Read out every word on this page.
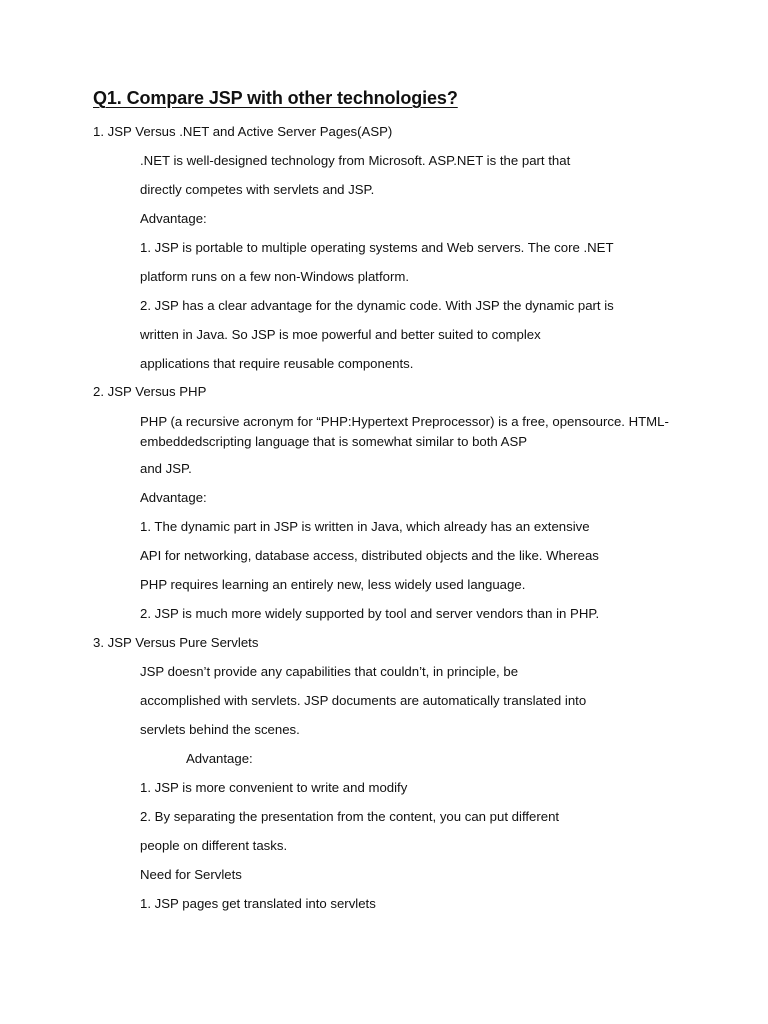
Q1. Compare JSP with other technologies?

1. JSP Versus .NET and Active Server Pages(ASP)

.NET is well-designed technology from Microsoft. ASP.NET is the part that

directly competes with servlets and JSP.

Advantage:

1. JSP is portable to multiple operating systems and Web servers. The core .NET

platform runs on a few non-Windows platform.

2. JSP has a clear advantage for the dynamic code. With JSP the dynamic part is

written in Java. So JSP is moe powerful and better suited to complex

applications that require reusable components.

2. JSP Versus PHP

PHP (a recursive acronym for “PHP:Hypertext Preprocessor) is a free, opensource. HTML-embeddedscripting language that is somewhat similar to both ASP

and JSP.

Advantage:

1. The dynamic part in JSP is written in Java, which already has an extensive

API for networking, database access, distributed objects and the like. Whereas

PHP requires learning an entirely new, less widely used language.

2. JSP is much more widely supported by tool and server vendors than in PHP.

3. JSP Versus Pure Servlets

JSP doesn’t provide any capabilities that couldn’t, in principle, be

accomplished with servlets. JSP documents are automatically translated into

servlets behind the scenes.

Advantage:

1. JSP is more convenient to write and modify

2. By separating the presentation from the content, you can put different

people on different tasks.

Need for Servlets

1. JSP pages get translated into servlets
